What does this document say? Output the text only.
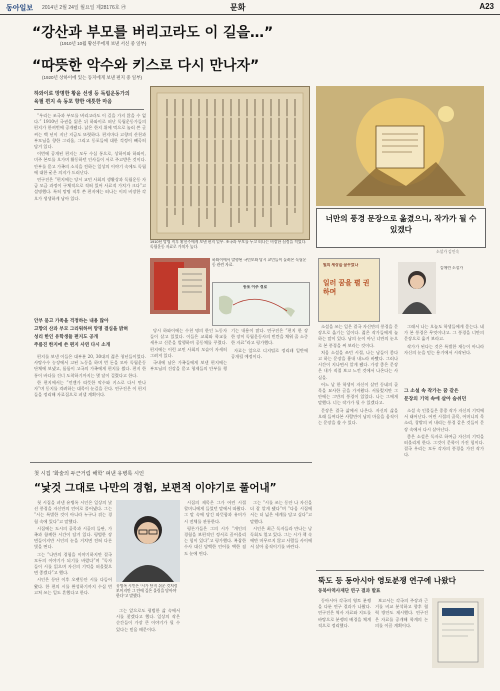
동아일보 2014년 2월 24일 월요일 제28176호 ㉮	문화	A23
“강산과 부모를 버리고라도 이 길을…”
(1910년 10월 황선주에게 보낸 서신 중 일부)
“따뜻한 악수와 키스로 다시 만나자”
(1920년 상하이에 있는 동지에게 보낸 편지 중 일부)
하와이로 망명한 황윤 선생 등 독립운동가의
육필 편지 속 동포 향한 애틋한 마음

“우리는 조국과 부모를 버리고라도 이 길을 가지 않을 수 없다.” 1910년 국권을 잃은 뒤 하와이로 떠난 독립운동가들의 편지가 한꺼번에 공개됐다. 낡은 한지 위에 먹으로 눌러 쓴 글씨는 백 년이 지난 지금도 또렷하다. 편지마다 고향의 산천과 부모님을 향한 그리움, 그리고 동포들에 대한 걱정이 빼곡히 담겨 있다.

이번에 공개된 편지는 모두 수십 통으로, 상하이와 하와이, 미주 본토를 오가며 활동하던 인사들이 서로 주고받은 것이다. 안부를 묻고 가족의 소식을 전하는 일상의 이야기 속에도 독립에 대한 굳은 의지가 드러난다.

연구진은 “편지에는 당시 교민 사회의 생활상과 독립운동 자금 모금 과정이 구체적으로 적혀 있어 사료적 가치가 크다”고 설명했다. 특히 망명 직후 쓴 편지에는 떠나는 이의 비장한 각오가 생생하게 남아 있다.

안부 묻고 가족을 걱정하는 내용 많아
고향의 산과 부모 그리워하며 망명 결심을 밝혀
성리 한인 유학생들 편지도 공개
주름진 한지에 쓴 편지 사연 다시 소개

편지를 보낸 이들은 대부분 20, 30대의 젊은 청년들이었다. 사탕수수 농장에서 고된 노동을 하며 번 돈을 모아 독립운동 단체에 보냈고, 틈틈이 고국의 가족에게 편지를 썼다. 편지 한 통이 바다를 건너 도착하기까지는 몇 달이 걸렸다고 한다.

한 편지에서는 “언젠가 따뜻한 악수와 키스로 다시 만나자”며 동지를 격려하는 대목이 눈길을 끈다. 연구진은 이 편지들을 정리해 자료집으로 펴낼 계획이다.

1910년 망명 직후 황선주에게 보낸 편지 일부. 조국과 부모를 두고 떠나는 비장한 심정을 적었다. 독립운동 자료로 가치가 높다.
하와이에서 발행된 국민보와 당시 교민들이 돌려본 독립운동 관련 자료.
동포 이주 경로

당시 하와이에는 수천 명의 한인 노동자들이 살고 있었다. 이들은 교회와 학교를 세우고 신문을 발행하며 공동체를 꾸렸다. 편지에는 이런 교민 사회의 모습이 자세히 그려져 있다.

국내에 남은 가족들에게 보낸 편지에는 부모님의 건강을 묻고 형제들의 안부를 챙기는 내용이 많다. 연구진은 “편지 한 장 한 장이 독립운동사의 빈칸을 채워 줄 소중한 자료”라고 평가했다.

자료는 앞으로 디지털로 정리돼 일반에 공개될 예정이다.

너만의 풍경 문장으로 옮겼으니, 작가가 될 수 있겠다
소설가 김인숙
빛의 세상을 꿈꾸었나
일러 꿈을 펼 권하며
김애란 소설가

소설을 쓰는 일은 결국 자신만의 풍경을 문장으로 옮기는 일이다. 젊은 작가들에게 늘 하는 말이 있다. 남의 눈이 아닌 너만의 눈으로 본 풍경을 써 보라는 것이다.

처음 소설을 쓰던 시절, 나는 남들이 좋다고 하는 문장을 흉내 내느라 바빴다. 그러나 시간이 지나면서 알게 됐다. 가장 좋은 문장은 내가 직접 보고 느낀 것에서 나온다는 사실을.

어느 날 한 학생이 자신이 살던 동네의 골목을 묘사한 글을 가져왔다. 서툴렀지만 그 안에는 그만의 풍경이 있었다. 나는 그에게 말했다. 너는 작가가 될 수 있겠다고.

문장은 결국 삶에서 나온다. 자신의 삶을 오래 들여다본 사람만이 남의 마음을 움직이는 문장을 쓸 수 있다.

그래서 나는 오늘도 학생들에게 묻는다. 네가 본 풍경은 무엇이냐고. 그 풍경을 너만의 문장으로 옮겨 보라고.

작가가 된다는 것은 특별한 재능이 아니라 자신의 눈을 믿는 용기에서 시작된다.

그 소설 속 작가는 꿈 같은
문장의 기억 속에 살아 숨쉬던

소설 속 인물들은 종종 작가 자신의 기억에서 태어난다. 어린 시절의 골목, 어머니의 목소리, 창밖의 비 내리는 풍경 같은 것들이 문장 속에서 다시 살아난다.

좋은 소설은 독자로 하여금 자신의 기억을 떠올리게 한다. 그것이 문학이 가진 힘이다. 결국 우리는 모두 각자의 풍경을 가진 작가다.

첫 시집 ‘화술의 두근거림 해학’ 펴낸 유병록 시인
“낯것 그대로 나만의 경험, 보편적 이야기로 풀어내”

첫 시집을 펴낸 유병록 시인은 일상의 낯선 풍경을 자신만의 언어로 풀어냈다. 그는 “시는 특별한 것이 아니라 누구나 겪는 경험 속에 있다”고 말했다.

시집에는 도시의 골목과 시골의 들판, 가족과 함께한 시간이 담겨 있다. 평범한 장면들이지만 시인의 눈을 거치면 전혀 다른 빛을 띤다.

그는 “나만의 경험을 이야기하지만 결국 모두의 이야기가 되기를 바랐다”며 “독자들이 시를 읽으며 자신의 기억을 떠올렸으면 좋겠다”고 했다.

시인은 등단 이후 오랫동안 시를 다듬어 왔다. 한 편의 시를 완성하기까지 수십 번 고쳐 쓰는 일도 흔했다고 한다.

유병록 시인은 “시가 단지 쉬운 것처럼 보이지만 그 안에 깊은 울림을 담아야 한다”고 말했다.

그는 앞으로도 평범한 삶 속에서 시를 찾겠다고 했다. 일상의 작은 순간들이 가장 큰 이야기가 될 수 있다는 믿음 때문이다.

시집의 제목은 그가 어린 시절 할머니에게 들었던 말에서 따왔다. 그 말 속에 담긴 따뜻함과 유머가 시 전체를 관통한다.

평론가들은 그의 시가 “개인의 경험을 보편적인 정서로 끌어올리는 힘이 있다”고 평가했다. 복잡한 수사 대신 담백한 언어를 택한 점도 눈에 띈다.

그는 “시를 쓰는 동안 나 자신을 더 잘 알게 됐다”며 “다음 시집에서는 더 넓은 세계를 담고 싶다”고 말했다.

시인은 최근 독자들과 만나는 낭독회도 열고 있다. 그는 시가 책 속에만 머무르지 않고 사람들 사이에서 살아 움직이기를 바란다.

뚝도 등 동아시아 영토분쟁 연구에 나왔다
동북아역사재단 연구 결과 발표

동아시아 각국의 영토 분쟁을 다룬 연구 결과가 나왔다. 연구진은 역사 자료와 지도를 바탕으로 분쟁의 배경을 체계적으로 정리했다.

보고서는 각국의 주장과 근거를 비교 분석하고 향후 협력 방안도 제시했다. 연구진은 자료를 공개해 학계의 논의를 이끌 계획이다.
